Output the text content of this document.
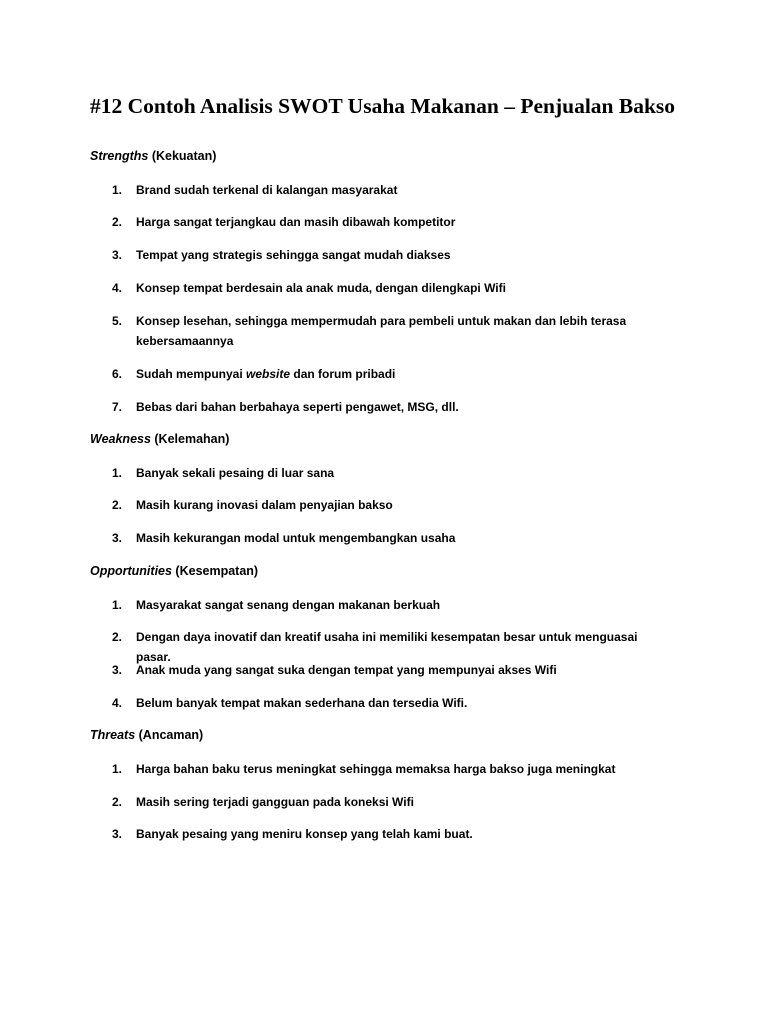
#12 Contoh Analisis SWOT Usaha Makanan – Penjualan Bakso

Strengths (Kekuatan)

1. Brand sudah terkenal di kalangan masyarakat
2. Harga sangat terjangkau dan masih dibawah kompetitor
3. Tempat yang strategis sehingga sangat mudah diakses
4. Konsep tempat berdesain ala anak muda, dengan dilengkapi Wifi
5. Konsep lesehan, sehingga mempermudah para pembeli untuk makan dan lebih terasa kebersamaannya
6. Sudah mempunyai website dan forum pribadi
7. Bebas dari bahan berbahaya seperti pengawet, MSG, dll.

Weakness (Kelemahan)

1. Banyak sekali pesaing di luar sana
2. Masih kurang inovasi dalam penyajian bakso
3. Masih kekurangan modal untuk mengembangkan usaha

Opportunities (Kesempatan)

1. Masyarakat sangat senang dengan makanan berkuah
2. Dengan daya inovatif dan kreatif usaha ini memiliki kesempatan besar untuk menguasai pasar.
3. Anak muda yang sangat suka dengan tempat yang mempunyai akses Wifi
4. Belum banyak tempat makan sederhana dan tersedia Wifi.

Threats (Ancaman)

1. Harga bahan baku terus meningkat sehingga memaksa harga bakso juga meningkat
2. Masih sering terjadi gangguan pada koneksi Wifi
3. Banyak pesaing yang meniru konsep yang telah kami buat.
